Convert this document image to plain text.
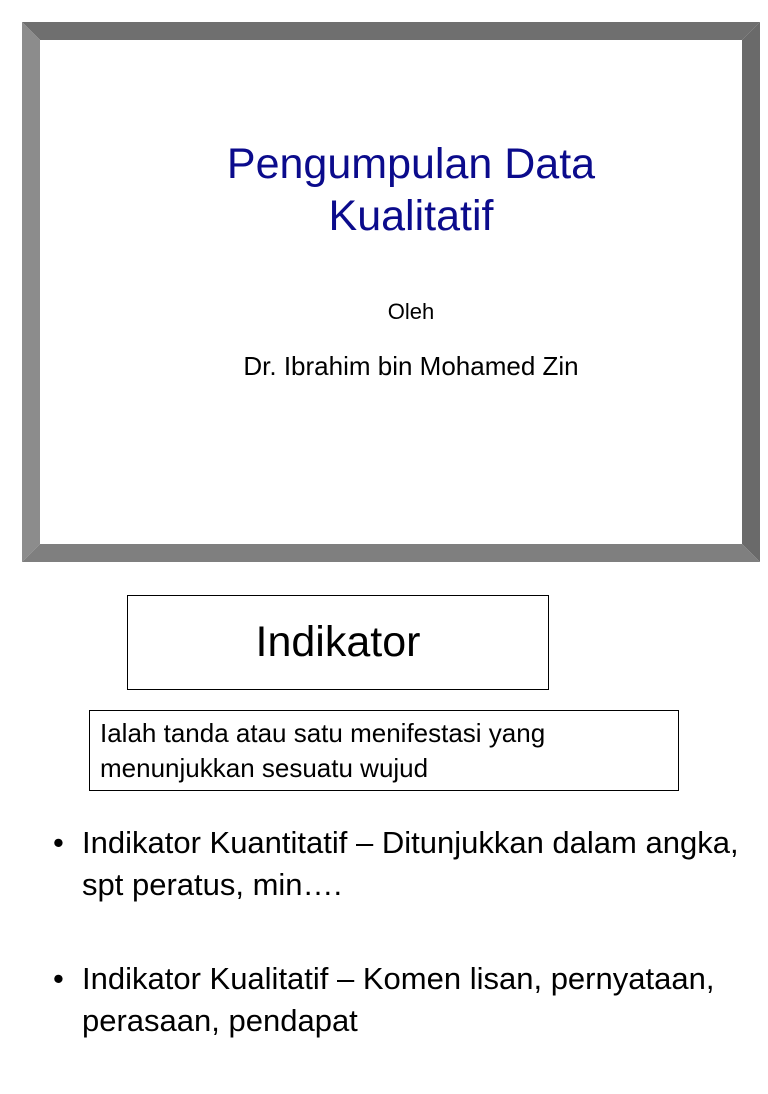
Pengumpulan Data
Kualitatif
Oleh
Dr. Ibrahim bin Mohamed Zin
Indikator
Ialah tanda atau satu menifestasi yang menunjukkan sesuatu wujud
• Indikator Kuantitatif – Ditunjukkan dalam angka, spt peratus, min….
• Indikator Kualitatif – Komen lisan, pernyataan, perasaan, pendapat
